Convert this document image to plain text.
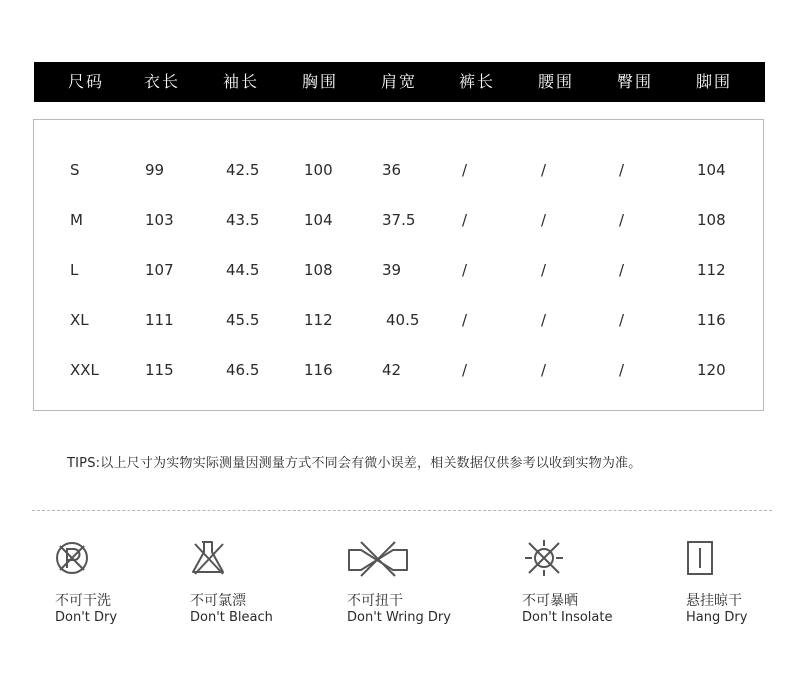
尺码 衣长	袖长	胸围	肩宽	裤长	腰围	臀围	脚围
S	99	42.5	100	36	/	/	/	104
M	103	43.5	104	37.5	/	/	/	108
L	107	44.5	108	39	/	/	/	112
XL	111	45.5	112	40.5	/	/	/	116
XXL	115	46.5	116	42	/	/	/	120
TIPS:以上尺寸为实物实际测量因测量方式不同会有微小误差，相关数据仅供参考以收到实物为准。
不可干洗
Don't Dry
不可氯漂
Don't Bleach
不可扭干
Don't Wring Dry
不可暴晒
Don't Insolate
悬挂晾干
Hang Dry
